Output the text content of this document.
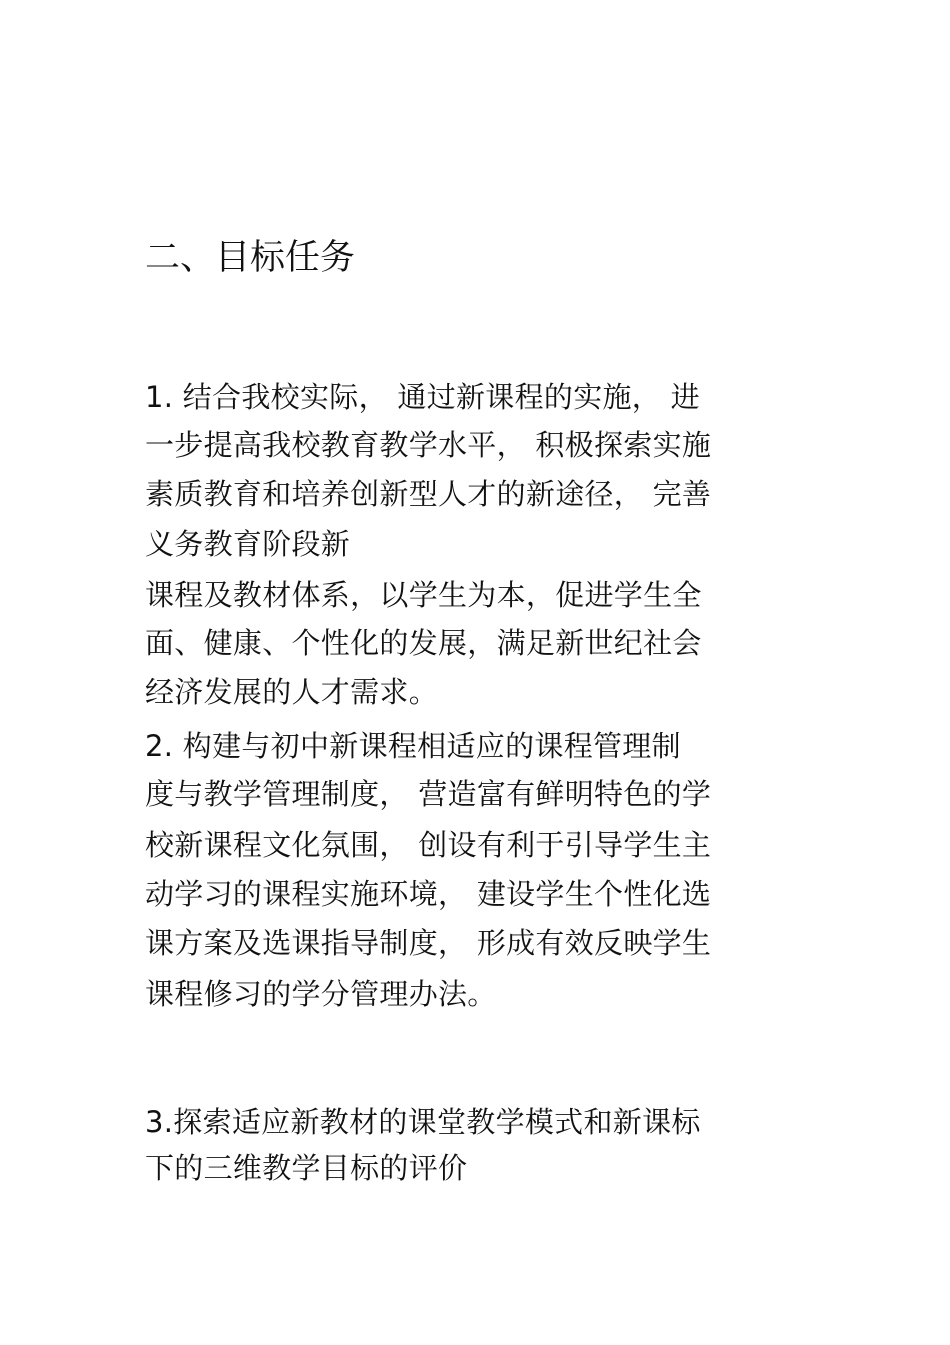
二、目标任务
1. 结合我校实际， 通过新课程的实施， 进
一步提高我校教育教学水平， 积极探索实施
素质教育和培养创新型人才的新途径， 完善
义务教育阶段新
课程及教材体系，以学生为本，促进学生全
面、健康、个性化的发展，满足新世纪社会
经济发展的人才需求。
2. 构建与初中新课程相适应的课程管理制
度与教学管理制度， 营造富有鲜明特色的学
校新课程文化氛围， 创设有利于引导学生主
动学习的课程实施环境， 建设学生个性化选
课方案及选课指导制度， 形成有效反映学生
课程修习的学分管理办法。
3.探索适应新教材的课堂教学模式和新课标
下的三维教学目标的评价
